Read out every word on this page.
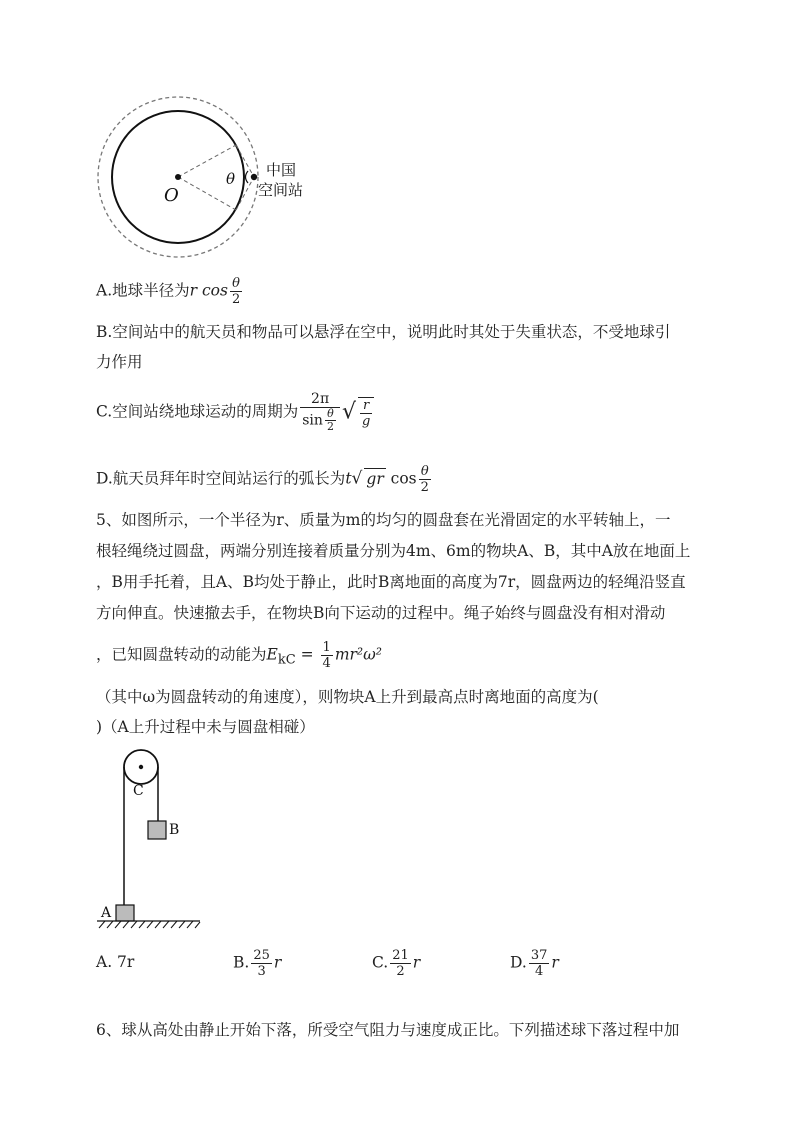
O
θ 中国
空间站
A.地球半径为r $\cos \frac{\theta}{2}$
B.空间站中的航天员和物品可以悬浮在空中，说明此时其处于失重状态，不受地球引
力作用
C.空间站绕地球运动的周期为 $\frac{2\pi}{\sin \frac{\theta}{2}}$ √ $\frac{r}{g}$
D.航天员拜年时空间站运行的弧长为t√ gr $\cos \frac{\theta}{2}$
5、如图所示，一个半径为r、质量为m的均匀的圆盘套在光滑固定的水平转轴上，一
根轻绳绕过圆盘，两端分别连接着质量分别为4m、6m的物块A、B，其中A放在地面上
，B用手托着，且A、B均处于静止，此时B离地面的高度为7r，圆盘两边的轻绳沿竖直
方向伸直。快速撤去手，在物块B向下运动的过程中。绳子始终与圆盘没有相对滑动
，已知圆盘转动的动能为$E_{kC} = \frac{1}{4} mr^2\omega^2$
（其中ω为圆盘转动的角速度），则物块A上升到最高点时离地面的高度为(
)（A上升过程中未与圆盘相碰）
C
B
A
A. 7r	B. $\frac{25}{3}$ r	C. $\frac{21}{2}$ r	D. $\frac{37}{4}$ r
6、球从高处由静止开始下落，所受空气阻力与速度成正比。下列描述球下落过程中加
